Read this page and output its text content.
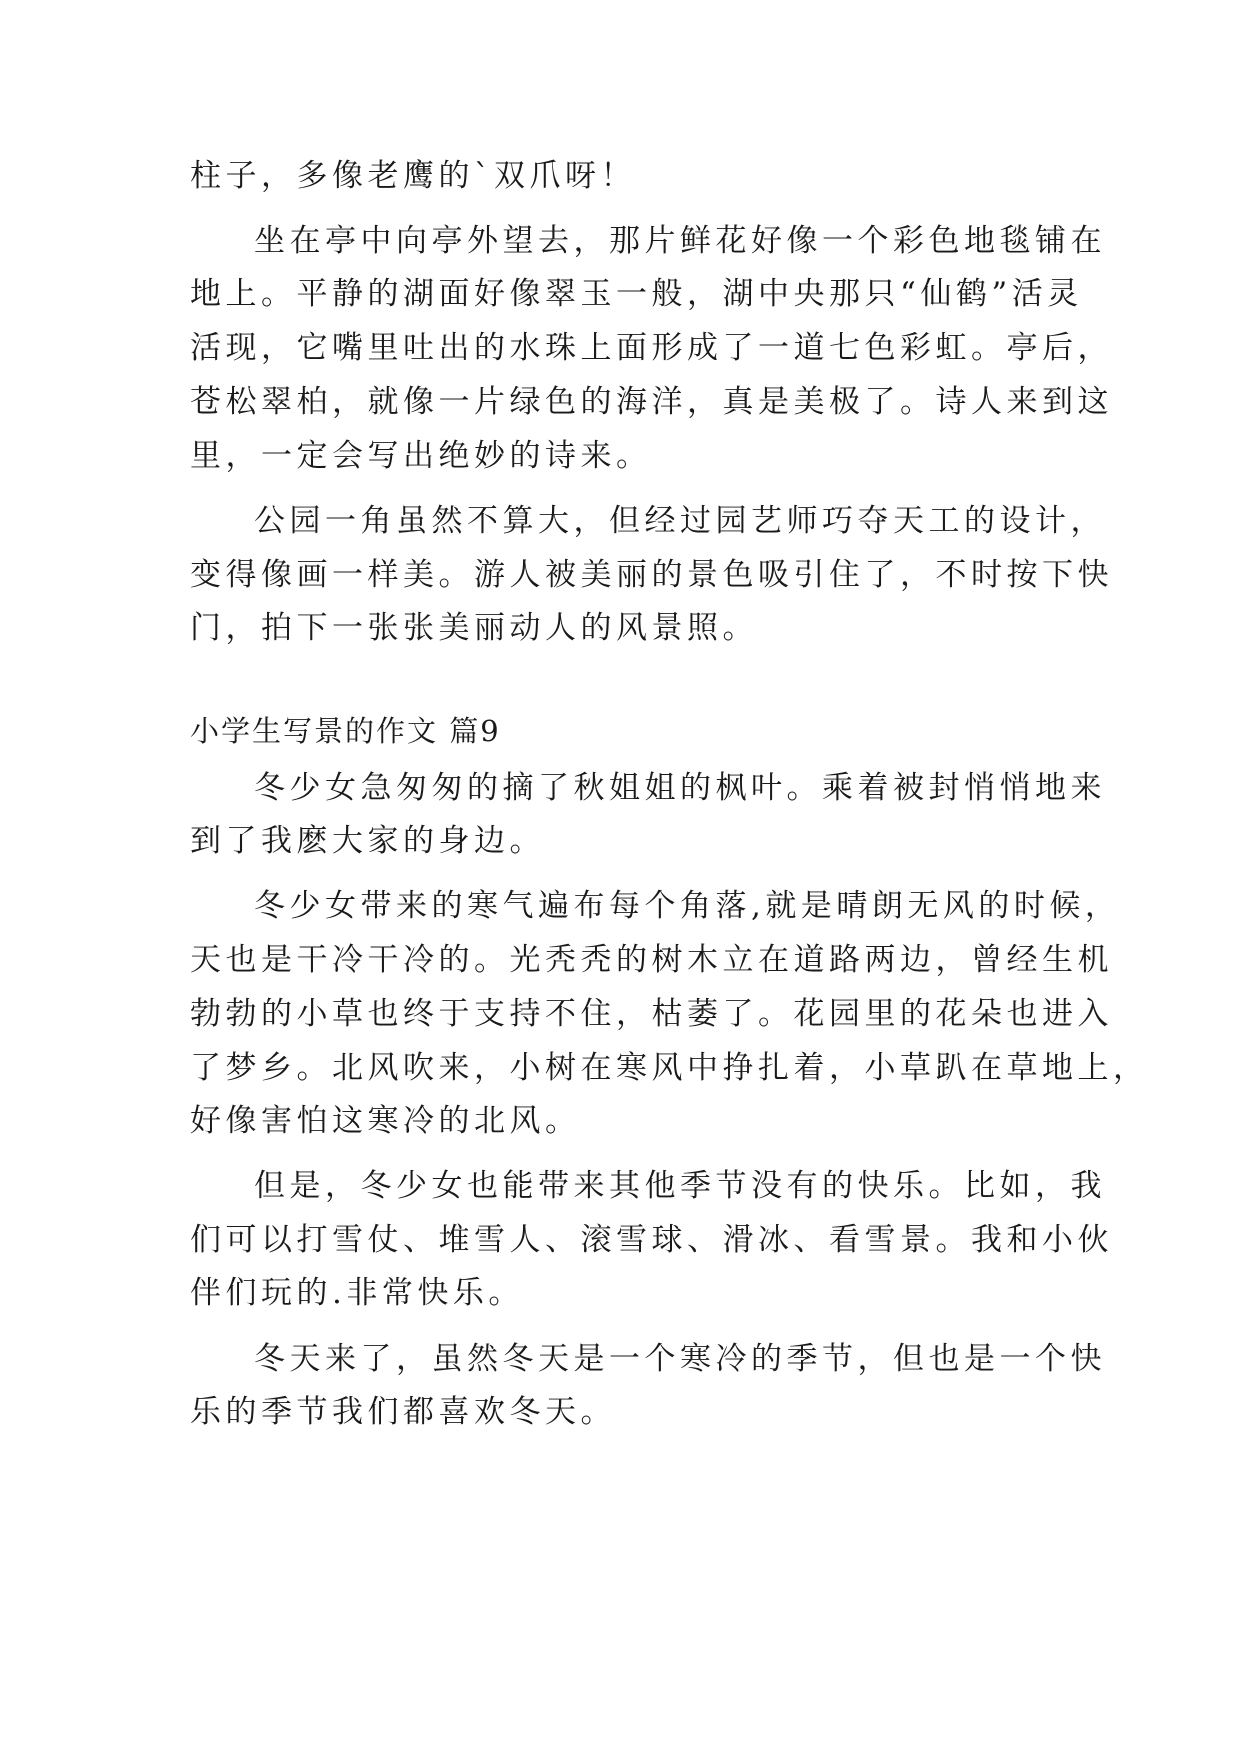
柱子，多像老鹰的`双爪呀！
坐在亭中向亭外望去，那片鲜花好像一个彩色地毯铺在
地上。平静的湖面好像翠玉一般，湖中央那只“仙鹤”活灵
活现，它嘴里吐出的水珠上面形成了一道七色彩虹。亭后，
苍松翠柏，就像一片绿色的海洋，真是美极了。诗人来到这
里，一定会写出绝妙的诗来。
公园一角虽然不算大，但经过园艺师巧夺天工的设计，
变得像画一样美。游人被美丽的景色吸引住了，不时按下快
门，拍下一张张美丽动人的风景照。
小学生写景的作文 篇9
冬少女急匆匆的摘了秋姐姐的枫叶。乘着被封悄悄地来
到了我麽大家的身边。
冬少女带来的寒气遍布每个角落,就是晴朗无风的时候，
天也是干冷干冷的。光秃秃的树木立在道路两边，曾经生机
勃勃的小草也终于支持不住，枯萎了。花园里的花朵也进入
了梦乡。北风吹来，小树在寒风中挣扎着，小草趴在草地上，
好像害怕这寒冷的北风。
但是，冬少女也能带来其他季节没有的快乐。比如，我
们可以打雪仗、堆雪人、滚雪球、滑冰、看雪景。我和小伙
伴们玩的.非常快乐。
冬天来了，虽然冬天是一个寒冷的季节，但也是一个快
乐的季节我们都喜欢冬天。
